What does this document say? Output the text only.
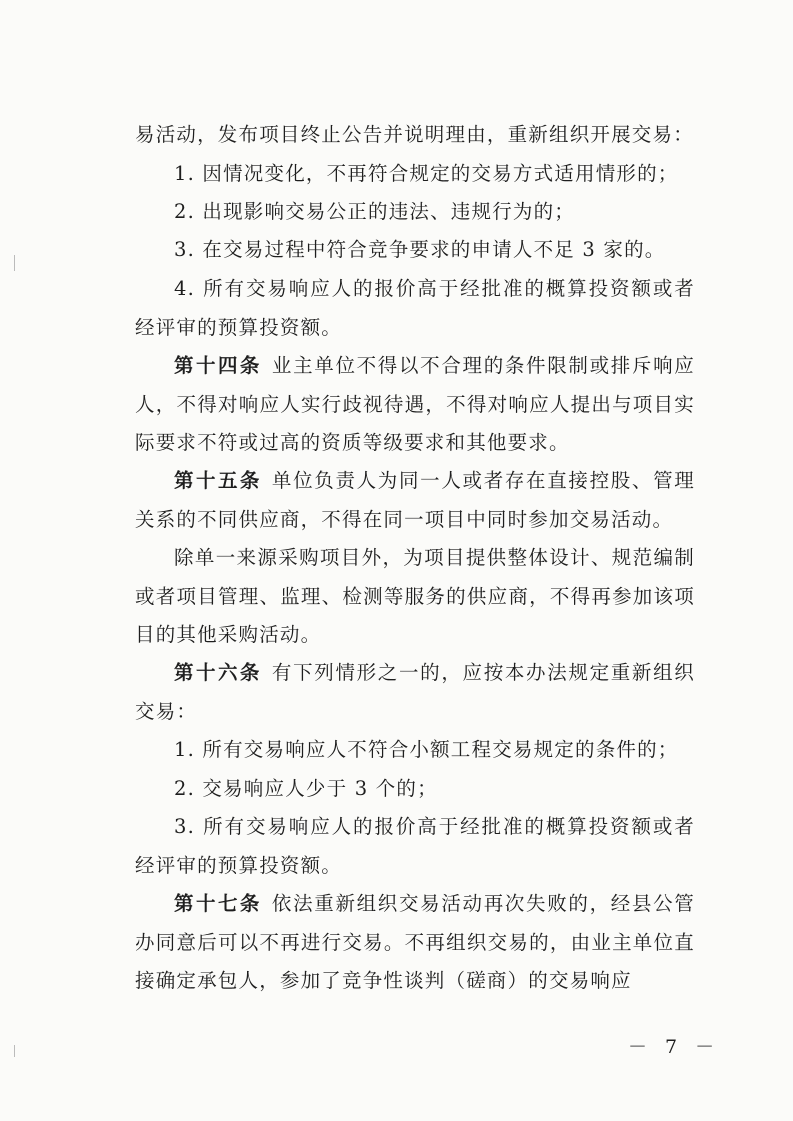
易活动，发布项目终止公告并说明理由，重新组织开展交易：

1. 因情况变化，不再符合规定的交易方式适用情形的；

2. 出现影响交易公正的违法、违规行为的；

3. 在交易过程中符合竞争要求的申请人不足 3 家的。

4. 所有交易响应人的报价高于经批准的概算投资额或者经评审的预算投资额。

第十四条 业主单位不得以不合理的条件限制或排斥响应人，不得对响应人实行歧视待遇，不得对响应人提出与项目实际要求不符或过高的资质等级要求和其他要求。

第十五条 单位负责人为同一人或者存在直接控股、管理关系的不同供应商，不得在同一项目中同时参加交易活动。

除单一来源采购项目外，为项目提供整体设计、规范编制或者项目管理、监理、检测等服务的供应商，不得再参加该项目的其他采购活动。

第十六条 有下列情形之一的，应按本办法规定重新组织交易：

1. 所有交易响应人不符合小额工程交易规定的条件的；

2. 交易响应人少于 3 个的；

3. 所有交易响应人的报价高于经批准的概算投资额或者经评审的预算投资额。

第十七条 依法重新组织交易活动再次失败的，经县公管办同意后可以不再进行交易。不再组织交易的，由业主单位直接确定承包人，参加了竞争性谈判（磋商）的交易响应

－ 7 －
